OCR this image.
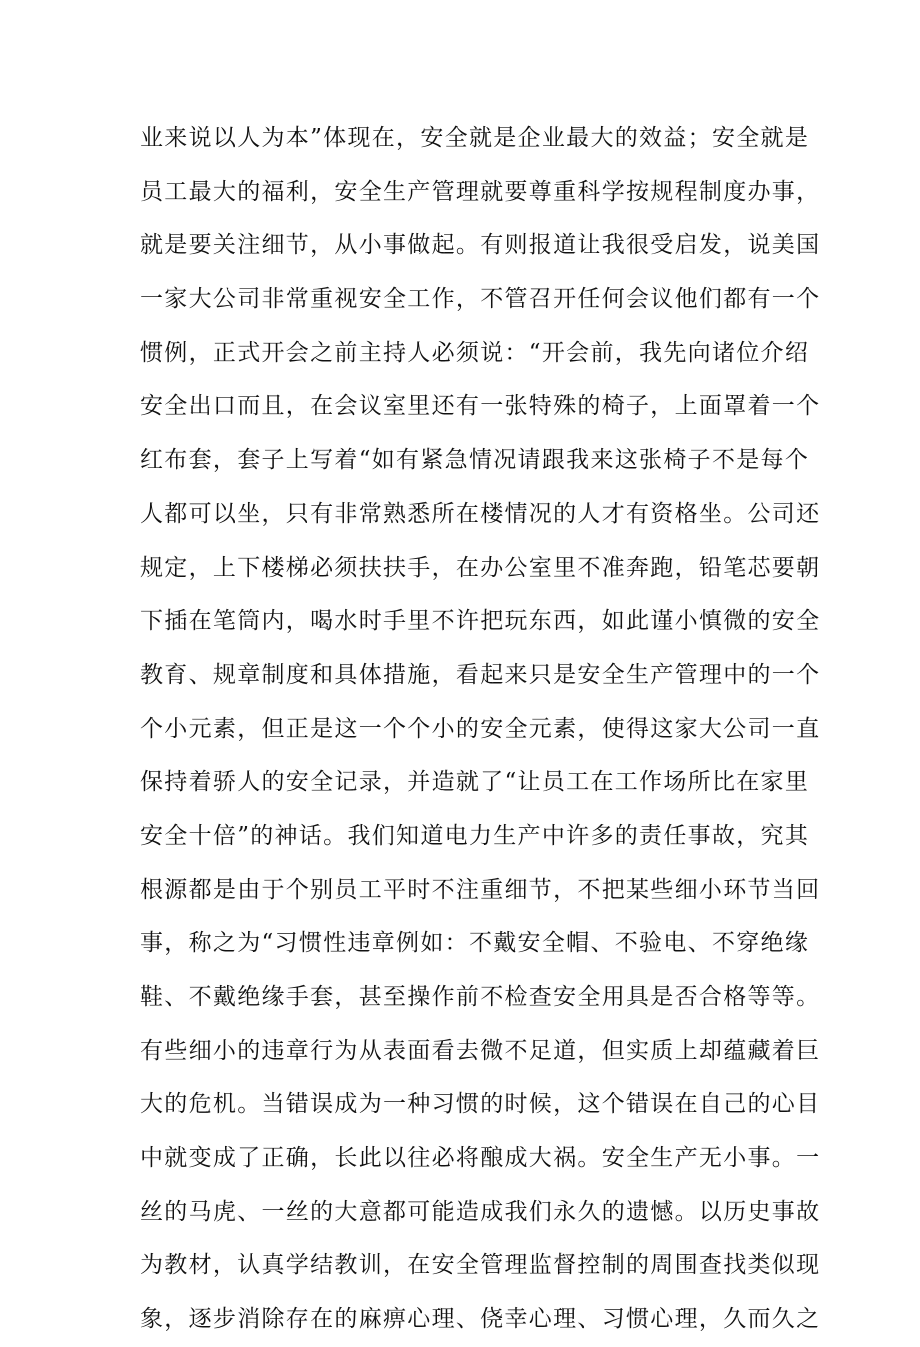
业来说以人为本”体现在，安全就是企业最大的效益；安全就是
员工最大的福利，安全生产管理就要尊重科学按规程制度办事，
就是要关注细节，从小事做起。有则报道让我很受启发，说美国
一家大公司非常重视安全工作，不管召开任何会议他们都有一个
惯例，正式开会之前主持人必须说：“开会前，我先向诸位介绍
安全出口而且，在会议室里还有一张特殊的椅子，上面罩着一个
红布套，套子上写着“如有紧急情况请跟我来这张椅子不是每个
人都可以坐，只有非常熟悉所在楼情况的人才有资格坐。公司还
规定，上下楼梯必须扶扶手，在办公室里不准奔跑，铅笔芯要朝
下插在笔筒内，喝水时手里不许把玩东西，如此谨小慎微的安全
教育、规章制度和具体措施，看起来只是安全生产管理中的一个
个小元素，但正是这一个个小的安全元素，使得这家大公司一直
保持着骄人的安全记录，并造就了“让员工在工作场所比在家里
安全十倍”的神话。我们知道电力生产中许多的责任事故，究其
根源都是由于个别员工平时不注重细节，不把某些细小环节当回
事，称之为“习惯性违章例如：不戴安全帽、不验电、不穿绝缘
鞋、不戴绝缘手套，甚至操作前不检查安全用具是否合格等等。
有些细小的违章行为从表面看去微不足道，但实质上却蕴藏着巨
大的危机。当错误成为一种习惯的时候，这个错误在自己的心目
中就变成了正确，长此以往必将酿成大祸。安全生产无小事。一
丝的马虎、一丝的大意都可能造成我们永久的遗憾。以历史事故
为教材，认真学结教训，在安全管理监督控制的周围查找类似现
象，逐步消除存在的麻痹心理、侥幸心理、习惯心理，久而久之
